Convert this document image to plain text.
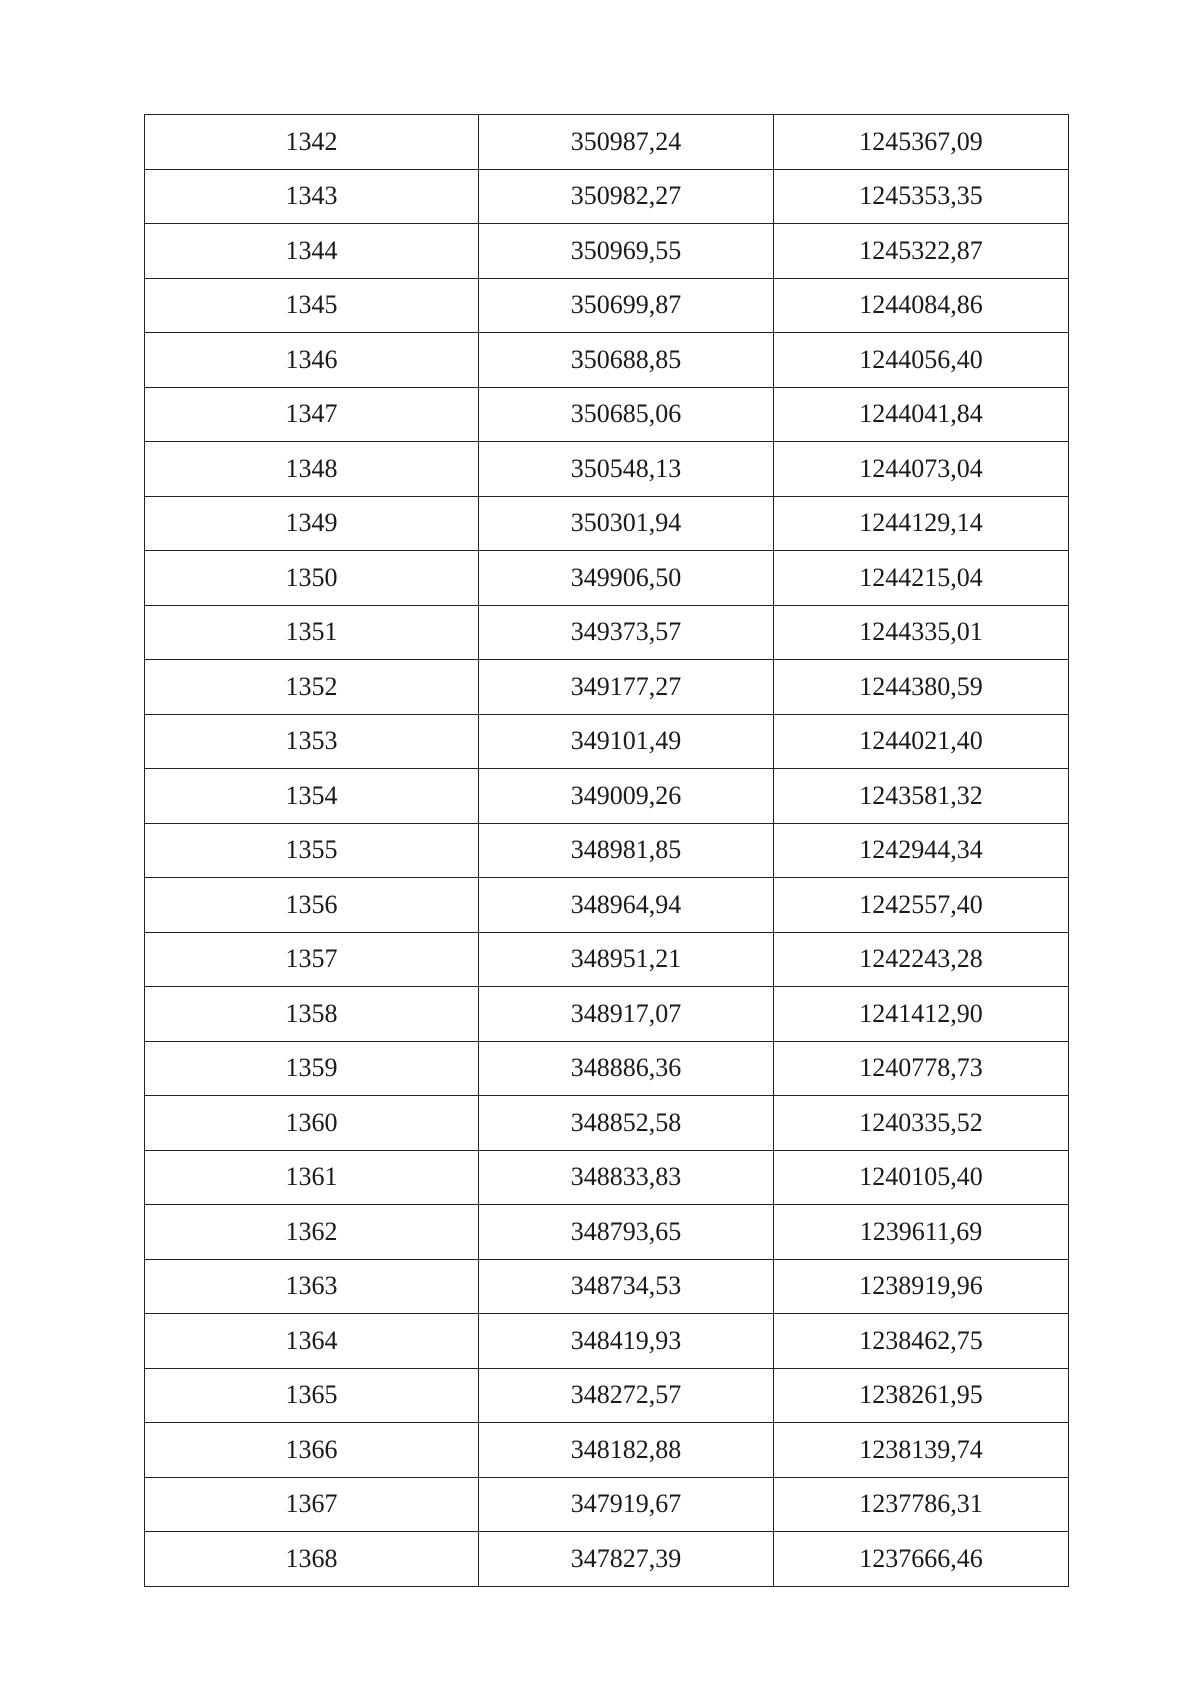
1342	350987,24	1245367,09
1343	350982,27	1245353,35
1344	350969,55	1245322,87
1345	350699,87	1244084,86
1346	350688,85	1244056,40
1347	350685,06	1244041,84
1348	350548,13	1244073,04
1349	350301,94	1244129,14
1350	349906,50	1244215,04
1351	349373,57	1244335,01
1352	349177,27	1244380,59
1353	349101,49	1244021,40
1354	349009,26	1243581,32
1355	348981,85	1242944,34
1356	348964,94	1242557,40
1357	348951,21	1242243,28
1358	348917,07	1241412,90
1359	348886,36	1240778,73
1360	348852,58	1240335,52
1361	348833,83	1240105,40
1362	348793,65	1239611,69
1363	348734,53	1238919,96
1364	348419,93	1238462,75
1365	348272,57	1238261,95
1366	348182,88	1238139,74
1367	347919,67	1237786,31
1368	347827,39	1237666,46
